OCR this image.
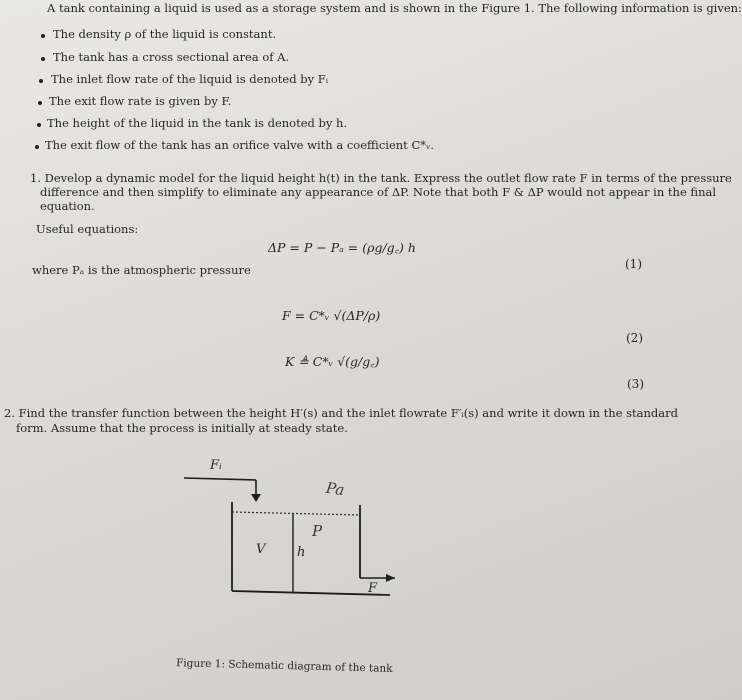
A tank containing a liquid is used as a storage system and is shown in the Figure 1. The following information is given:
The density ρ of the liquid is constant.
The tank has a cross sectional area of A.
The inlet flow rate of the liquid is denoted by Fᵢ
The exit flow rate is given by F.
The height of the liquid in the tank is denoted by h.
The exit flow of the tank has an orifice valve with a coefficient C*ᵥ.
1. Develop a dynamic model for the liquid height h(t) in the tank. Express the outlet flow rate F in terms of the pressure
difference and then simplify to eliminate any appearance of ΔP. Note that both F & ΔP would not appear in the final
equation.
Useful equations:
ΔP = P − Pₐ = (ρg/g꜀) h
where Pₐ is the atmospheric pressure	(1)
F = C*ᵥ √(ΔP/ρ)
(2)
K ≜ C*ᵥ √(g/g꜀)
(3)
2. Find the transfer function between the height H′(s) and the inlet flowrate F′ᵢ(s) and write it down in the standard
form. Assume that the process is initially at steady state.
Fᵢ
Pa
P
V h
F
Figure 1: Schematic diagram of the tank
